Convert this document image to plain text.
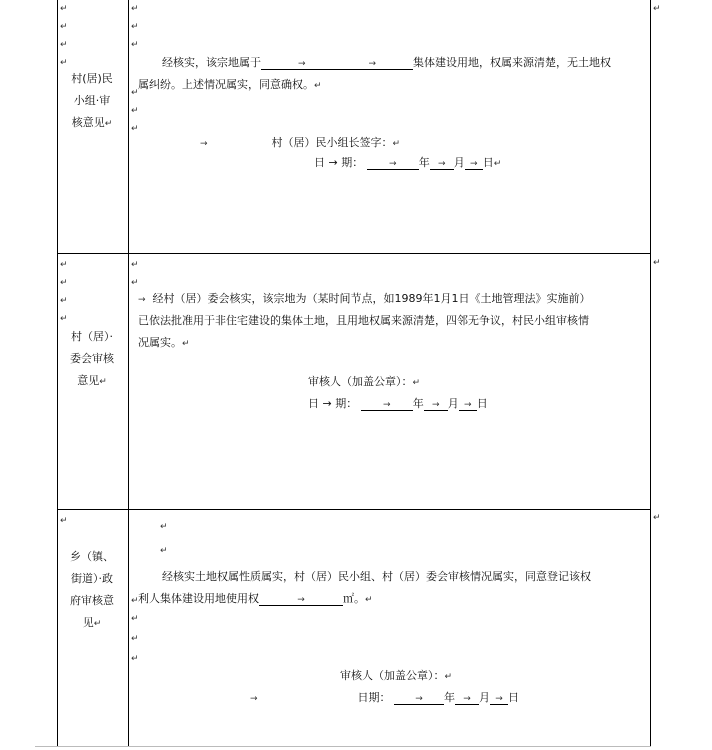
↵
↵
↵
↵
↵
↵
↵
↵
↵
↵
↵
村(居)民
小组·审
核意见↵
经核实，该宗地属于	→	→	集体建设用地，权属来源清楚，无土地权
属纠纷。上述情况属实，同意确权。↵
→	村（居）民小组长签字：↵
日 → 期：	→ 年 → 月 → 日↵
↵
↵
↵
↵
↵
↵
↵
村（居）·
委会审核
意见↵
→ 经村（居）委会核实，该宗地为（某时间节点，如1989年1月1日《土地管理法》实施前）
已依法批准用于非住宅建设的集体土地，且用地权属来源清楚，四邻无争议，村民小组审核情
况属实。↵
审核人（加盖公章）：↵
日 → 期：	→ 年 → 月 → 日
↵
↵
↵
↵
↵
↵
↵
↵
乡（镇、
街道）·政
府审核意
见↵
经核实土地权属性质属实，村（居）民小组、村（居）委会审核情况属实，同意登记该权
利人集体建设用地使用权	→	㎡。↵
审核人（加盖公章）：↵
→	日期：	→ 年 → 月 → 日
